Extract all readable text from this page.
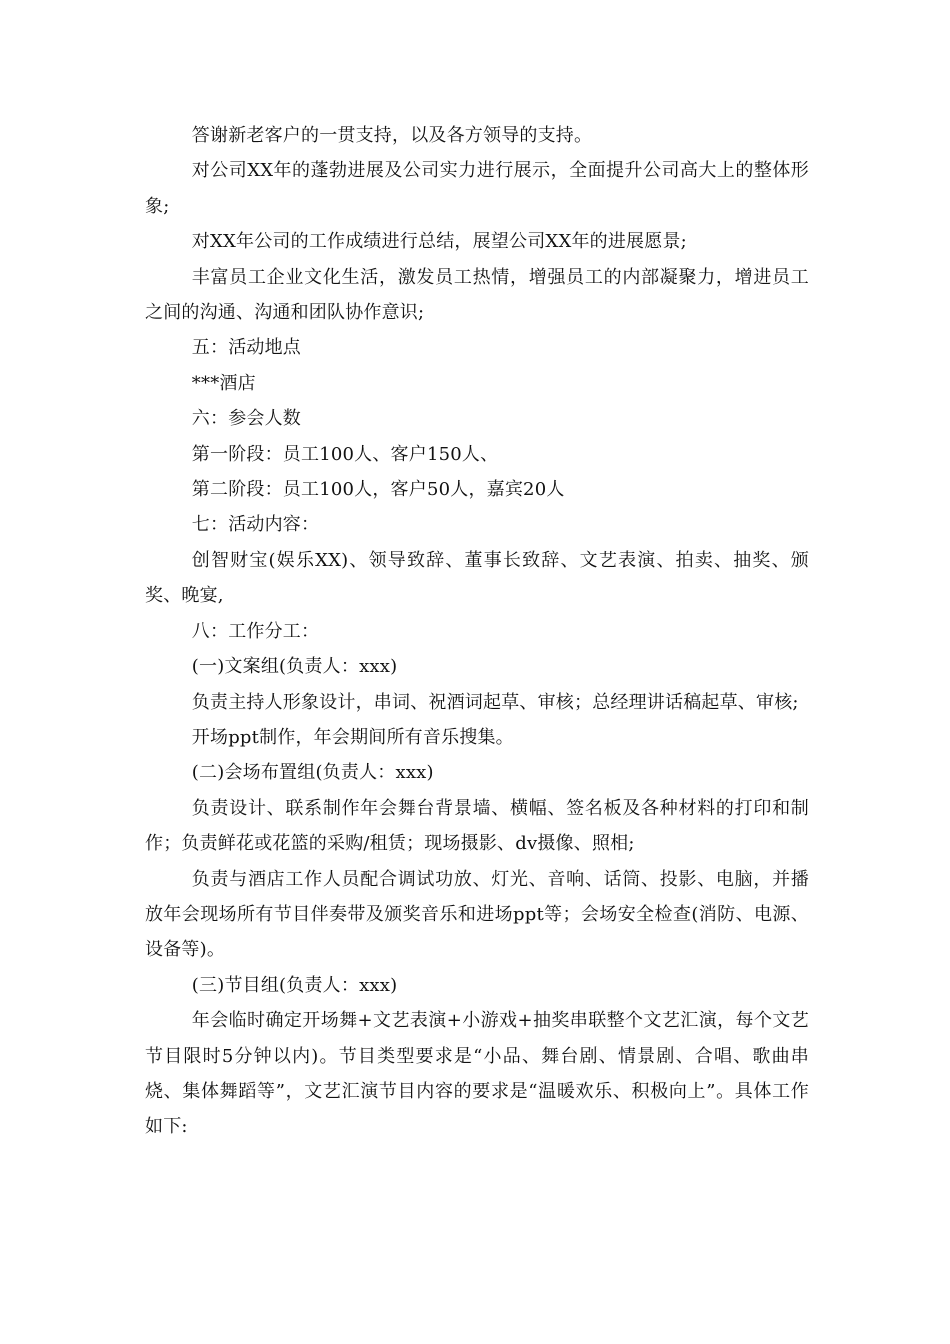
答谢新老客户的一贯支持，以及各方领导的支持。

对公司XX年的蓬勃进展及公司实力进行展示，全面提升公司高大上的整体形象;

对XX年公司的工作成绩进行总结，展望公司XX年的进展愿景;

丰富员工企业文化生活，激发员工热情，增强员工的内部凝聚力，增进员工之间的沟通、沟通和团队协作意识;

五：活动地点

***酒店

六：参会人数

第一阶段：员工100人、客户150人、

第二阶段：员工100人，客户50人，嘉宾20人

七：活动内容：

创智财宝(娱乐XX)、领导致辞、董事长致辞、文艺表演、拍卖、抽奖、颁奖、晚宴,

八：工作分工：

(一)文案组(负责人：xxx)

负责主持人形象设计，串词、祝酒词起草、审核；总经理讲话稿起草、审核;

开场ppt制作，年会期间所有音乐搜集。

(二)会场布置组(负责人：xxx)

负责设计、联系制作年会舞台背景墙、横幅、签名板及各种材料的打印和制作；负责鲜花或花篮的采购/租赁；现场摄影、dv摄像、照相;

负责与酒店工作人员配合调试功放、灯光、音响、话筒、投影、电脑，并播放年会现场所有节目伴奏带及颁奖音乐和进场ppt等；会场安全检查(消防、电源、设备等)。

(三)节目组(负责人：xxx)

年会临时确定开场舞+文艺表演+小游戏+抽奖串联整个文艺汇演，每个文艺节目限时5分钟以内)。节目类型要求是“小品、舞台剧、情景剧、合唱、歌曲串烧、集体舞蹈等”，文艺汇演节目内容的要求是“温暖欢乐、积极向上”。具体工作如下:
